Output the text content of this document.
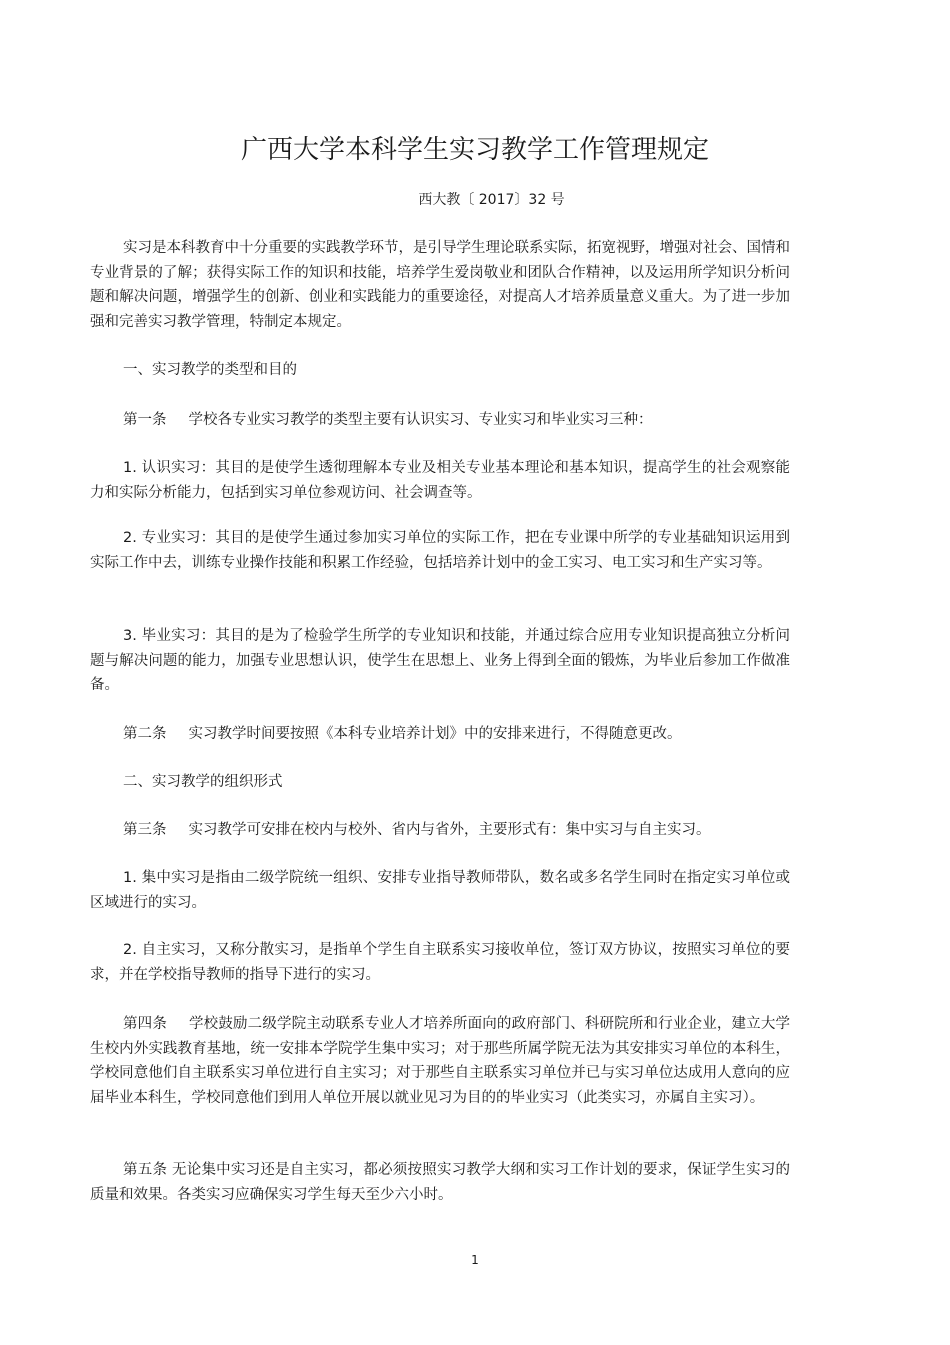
广西大学本科学生实习教学工作管理规定
西大教〔 2017〕32 号

实习是本科教育中十分重要的实践教学环节，是引导学生理论联系实际，拓宽视野，增强对社会、国情和专业背景的了解；获得实际工作的知识和技能，培养学生爱岗敬业和团队合作精神，以及运用所学知识分析问题和解决问题，增强学生的创新、创业和实践能力的重要途径，对提高人才培养质量意义重大。为了进一步加强和完善实习教学管理，特制定本规定。

一、实习教学的类型和目的

第一条 学校各专业实习教学的类型主要有认识实习、专业实习和毕业实习三种：

1. 认识实习：其目的是使学生透彻理解本专业及相关专业基本理论和基本知识，提高学生的社会观察能力和实际分析能力，包括到实习单位参观访问、社会调查等。

2. 专业实习：其目的是使学生通过参加实习单位的实际工作，把在专业课中所学的专业基础知识运用到实际工作中去，训练专业操作技能和积累工作经验，包括培养计划中的金工实习、电工实习和生产实习等。

3. 毕业实习：其目的是为了检验学生所学的专业知识和技能，并通过综合应用专业知识提高独立分析问题与解决问题的能力，加强专业思想认识，使学生在思想上、业务上得到全面的锻炼，为毕业后参加工作做准备。

第二条 实习教学时间要按照《本科专业培养计划》中的安排来进行，不得随意更改。

二、实习教学的组织形式

第三条 实习教学可安排在校内与校外、省内与省外，主要形式有：集中实习与自主实习。

1. 集中实习是指由二级学院统一组织、安排专业指导教师带队，数名或多名学生同时在指定实习单位或区域进行的实习。

2. 自主实习，又称分散实习，是指单个学生自主联系实习接收单位，签订双方协议，按照实习单位的要求，并在学校指导教师的指导下进行的实习。

第四条 学校鼓励二级学院主动联系专业人才培养所面向的政府部门、科研院所和行业企业，建立大学生校内外实践教育基地，统一安排本学院学生集中实习；对于那些所属学院无法为其安排实习单位的本科生，学校同意他们自主联系实习单位进行自主实习；对于那些自主联系实习单位并已与实习单位达成用人意向的应届毕业本科生，学校同意他们到用人单位开展以就业见习为目的的毕业实习（此类实习，亦属自主实习）。

第五条 无论集中实习还是自主实习，都必须按照实习教学大纲和实习工作计划的要求，保证学生实习的质量和效果。各类实习应确保实习学生每天至少六小时。

1
